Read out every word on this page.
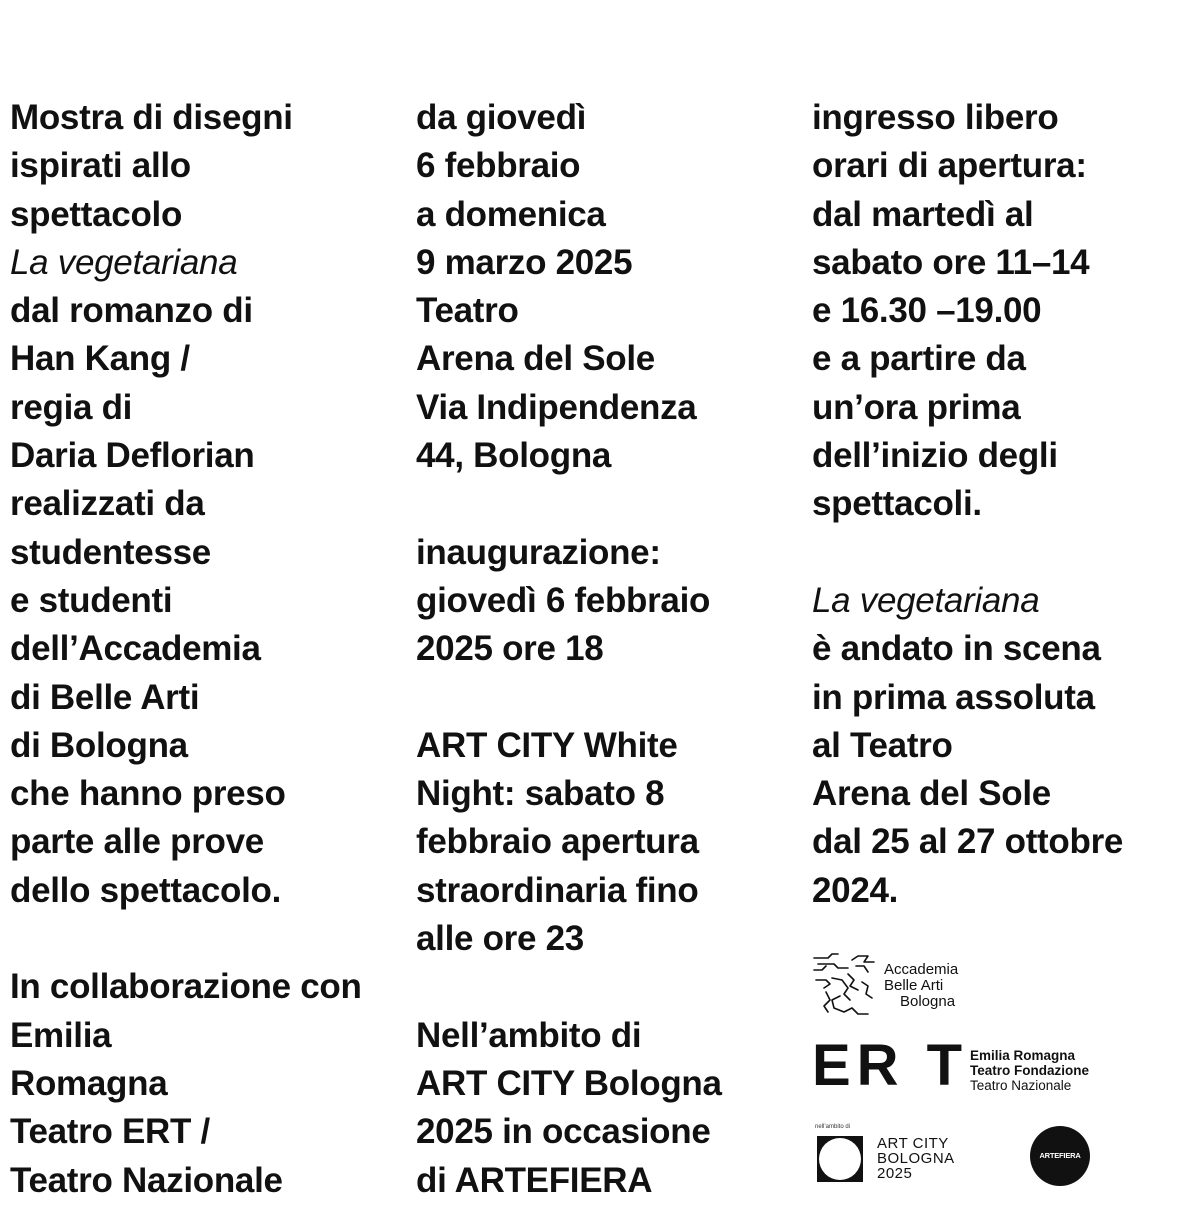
Mostra di disegni
ispirati allo
spettacolo
La vegetariana
dal romanzo di
Han Kang /
regia di
Daria Deflorian
realizzati da
studentesse
e studenti
dell’Accademia
di Belle Arti
di Bologna
che hanno preso
parte alle prove
dello spettacolo.
In collaborazione con
Emilia
Romagna
Teatro ERT /
Teatro Nazionale
da giovedì
6 febbraio
a domenica
9 marzo 2025
Teatro
Arena del Sole
Via Indipendenza
44, Bologna
inaugurazione:
giovedì 6 febbraio
2025 ore 18
ART CITY White
Night: sabato 8
febbraio apertura
straordinaria fino
alle ore 23
Nell’ambito di
ART CITY Bologna
2025 in occasione
di ARTEFIERA
ingresso libero
orari di apertura:
dal martedì al
sabato ore 11–14
e 16.30 –19.00
e a partire da
un’ora prima
dell’inizio degli
spettacoli.
La vegetariana
è andato in scena
in prima assoluta
al Teatro
Arena del Sole
dal 25 al 27 ottobre
2024.
Accademia
Belle Arti
Bologna
ER T Emilia Romagna
Teatro Fondazione
Teatro Nazionale
nell’ambito di
ART CITY
BOLOGNA
2025
ARTEFIERA
